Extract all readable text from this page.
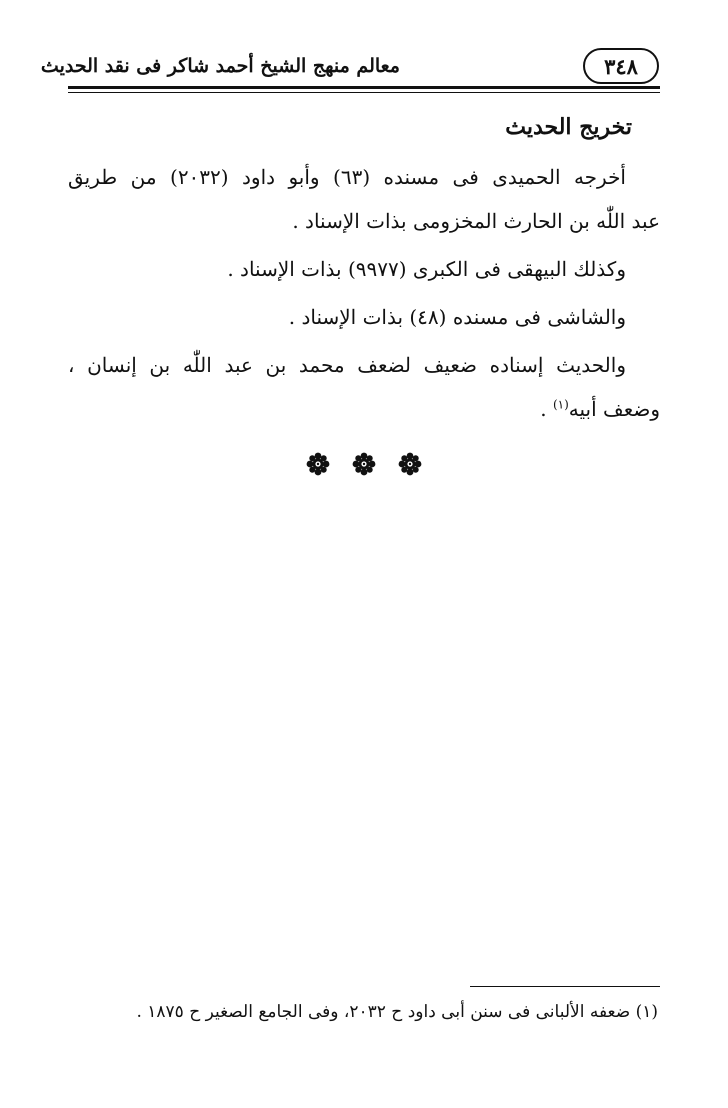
٣٤٨
معالم منهج الشيخ أحمد شاكر فى نقد الحديث
تخريج الحديث
أخرجه الحميدى فى مسنده (٦٣) وأبو داود (٢٠٣٢) من طريق
عبد اللّٰه بن الحارث المخزومى بذات الإسناد .
وكذلك البيهقى فى الكبرى (٩٩٧٧) بذات الإسناد .
والشاشى فى مسنده (٤٨) بذات الإسناد .
والحديث إسناده ضعيف لضعف محمد بن عبد اللّٰه بن إنسان ،
وضعف أبيه$^{(١)}$ .
(١) ضعفه الألبانى فى سنن أبى داود ح ٢٠٣٢، وفى الجامع الصغير ح ١٨٧٥ .
